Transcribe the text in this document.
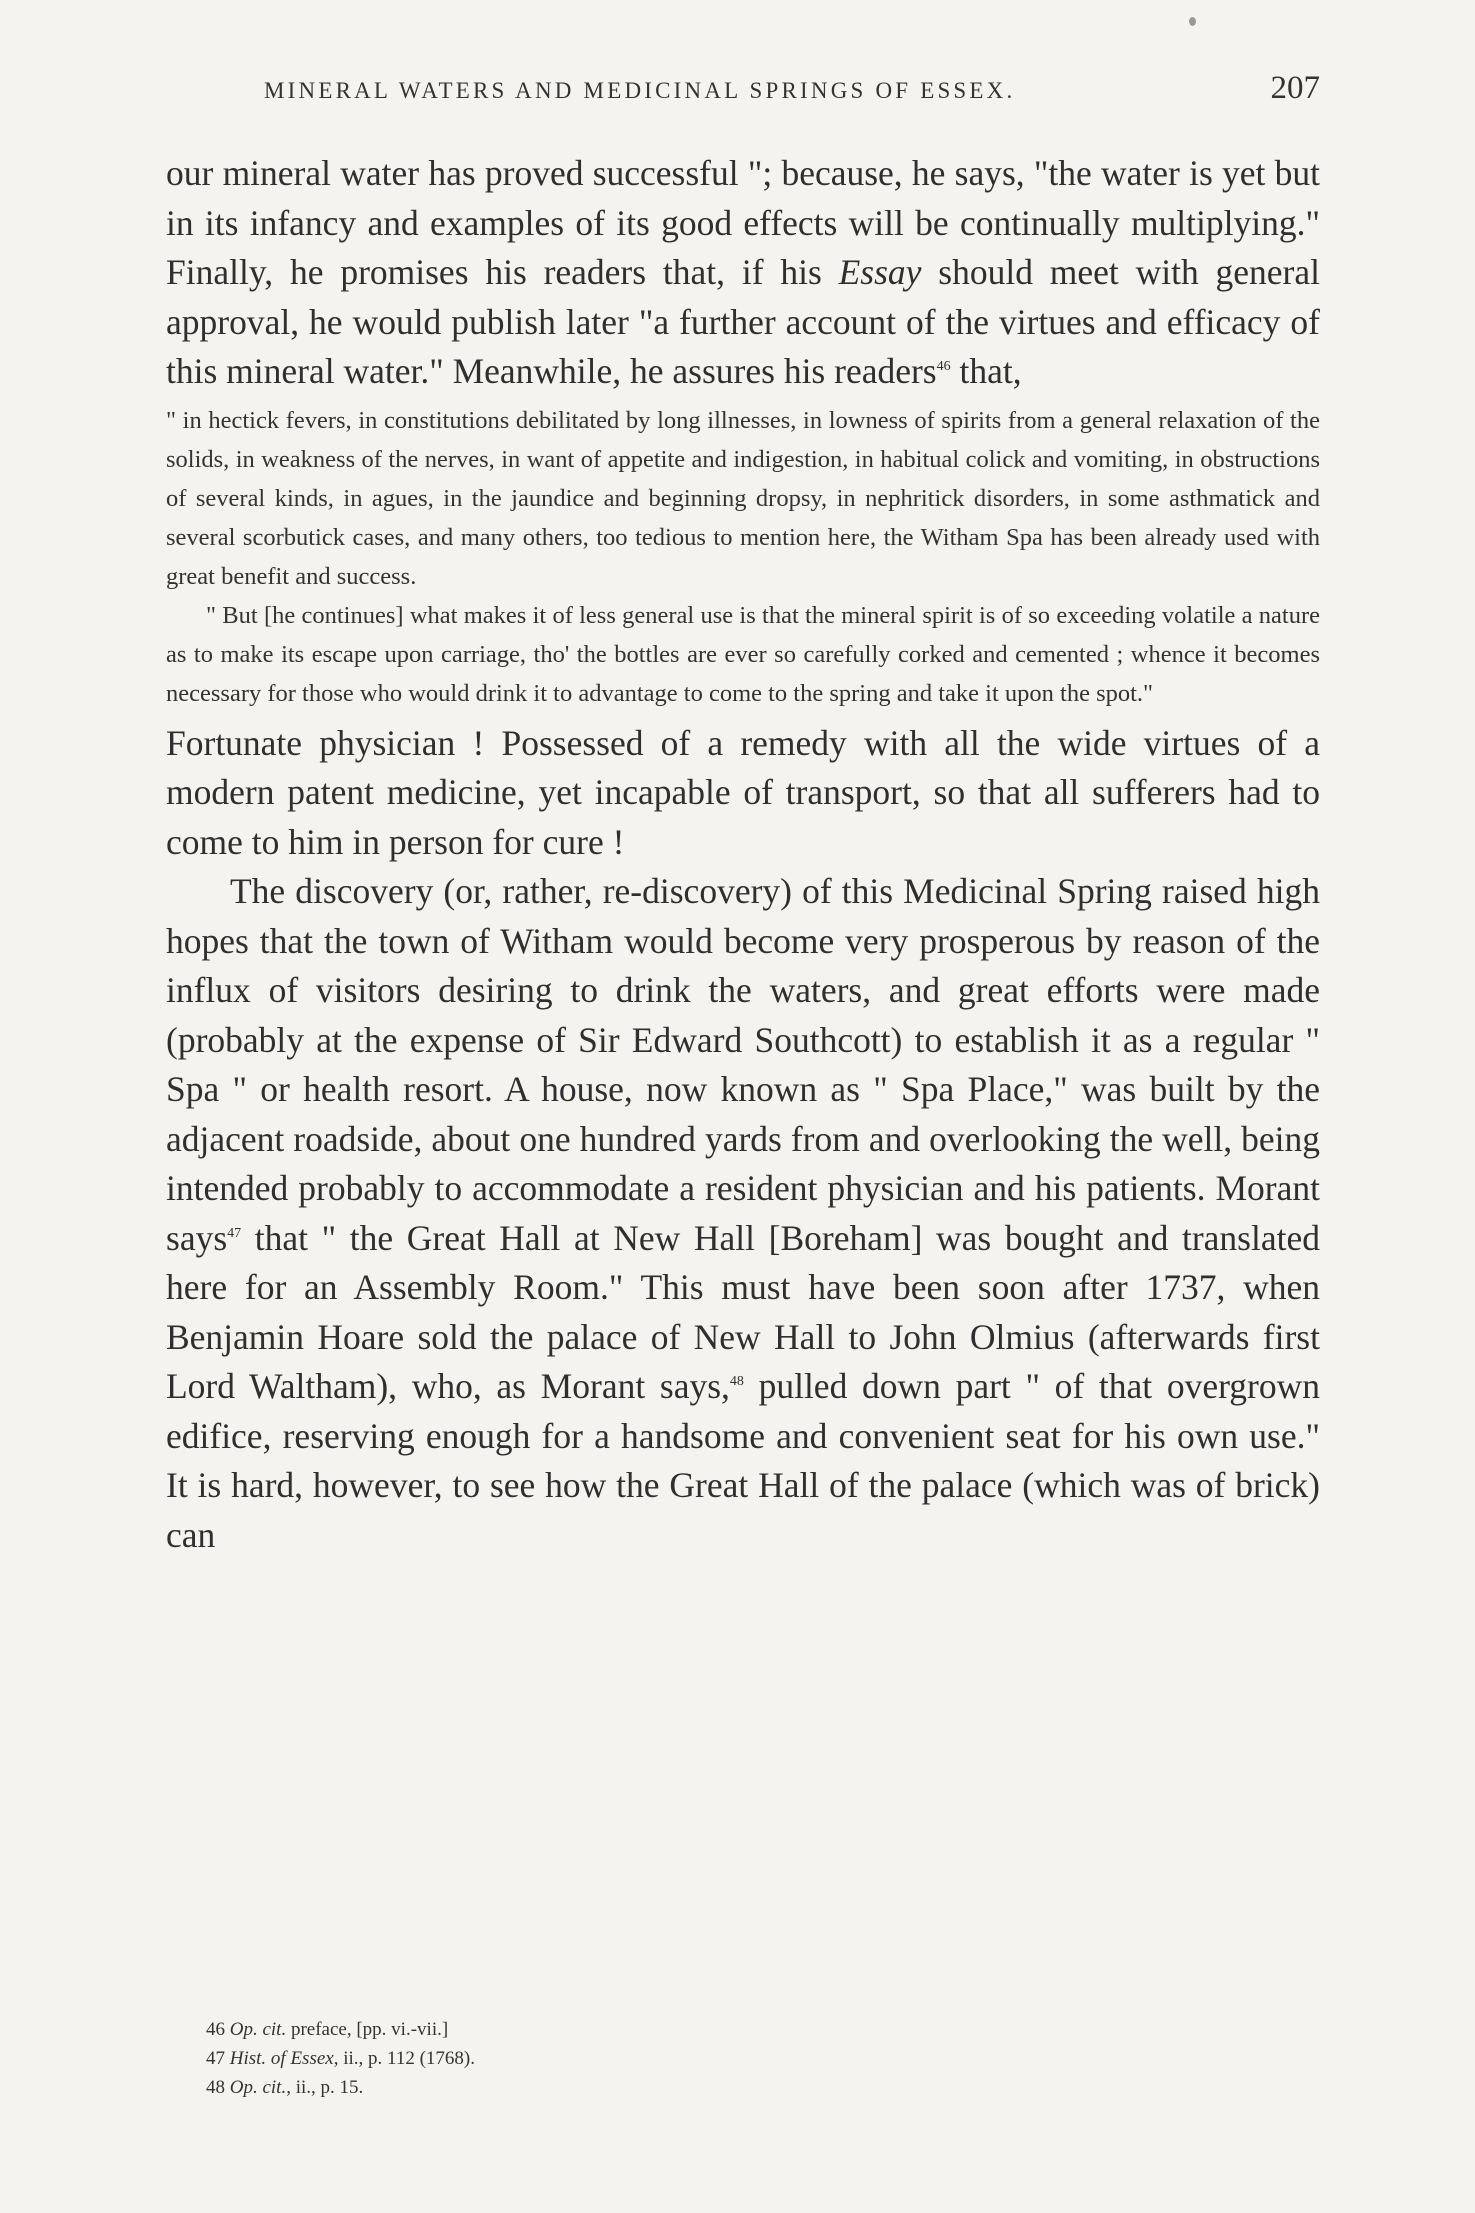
MINERAL WATERS AND MEDICINAL SPRINGS OF ESSEX.	207

our mineral water has proved successful "; because, he says, "the water is yet but in its infancy and examples of its good effects will be continually multiplying." Finally, he promises his readers that, if his Essay should meet with general approval, he would publish later "a further account of the virtues and efficacy of this mineral water." Meanwhile, he assures his readers$^{46}$ that,

" in hectick fevers, in constitutions debilitated by long illnesses, in lowness of spirits from a general relaxation of the solids, in weakness of the nerves, in want of appetite and indigestion, in habitual colick and vomiting, in obstructions of several kinds, in agues, in the jaundice and beginning dropsy, in nephritick disorders, in some asthmatick and several scorbutick cases, and many others, too tedious to mention here, the Witham Spa has been already used with great benefit and success.

" But [he continues] what makes it of less general use is that the mineral spirit is of so exceeding volatile a nature as to make its escape upon carriage, tho' the bottles are ever so carefully corked and cemented ; whence it becomes necessary for those who would drink it to advantage to come to the spring and take it upon the spot."

Fortunate physician ! Possessed of a remedy with all the wide virtues of a modern patent medicine, yet incapable of transport, so that all sufferers had to come to him in person for cure !

The discovery (or, rather, re-discovery) of this Medicinal Spring raised high hopes that the town of Witham would become very prosperous by reason of the influx of visitors desiring to drink the waters, and great efforts were made (probably at the expense of Sir Edward Southcott) to establish it as a regular " Spa " or health resort. A house, now known as " Spa Place," was built by the adjacent roadside, about one hundred yards from and overlooking the well, being intended probably to accommodate a resident physician and his patients. Morant says$^{47}$ that " the Great Hall at New Hall [Boreham] was bought and translated here for an Assembly Room." This must have been soon after 1737, when Benjamin Hoare sold the palace of New Hall to John Olmius (afterwards first Lord Waltham), who, as Morant says,$^{48}$ pulled down part " of that overgrown edifice, reserving enough for a handsome and convenient seat for his own use." It is hard, however, to see how the Great Hall of the palace (which was of brick) can

46 Op. cit. preface, [pp. vi.-vii.]
47 Hist. of Essex, ii., p. 112 (1768).
48 Op. cit., ii., p. 15.
